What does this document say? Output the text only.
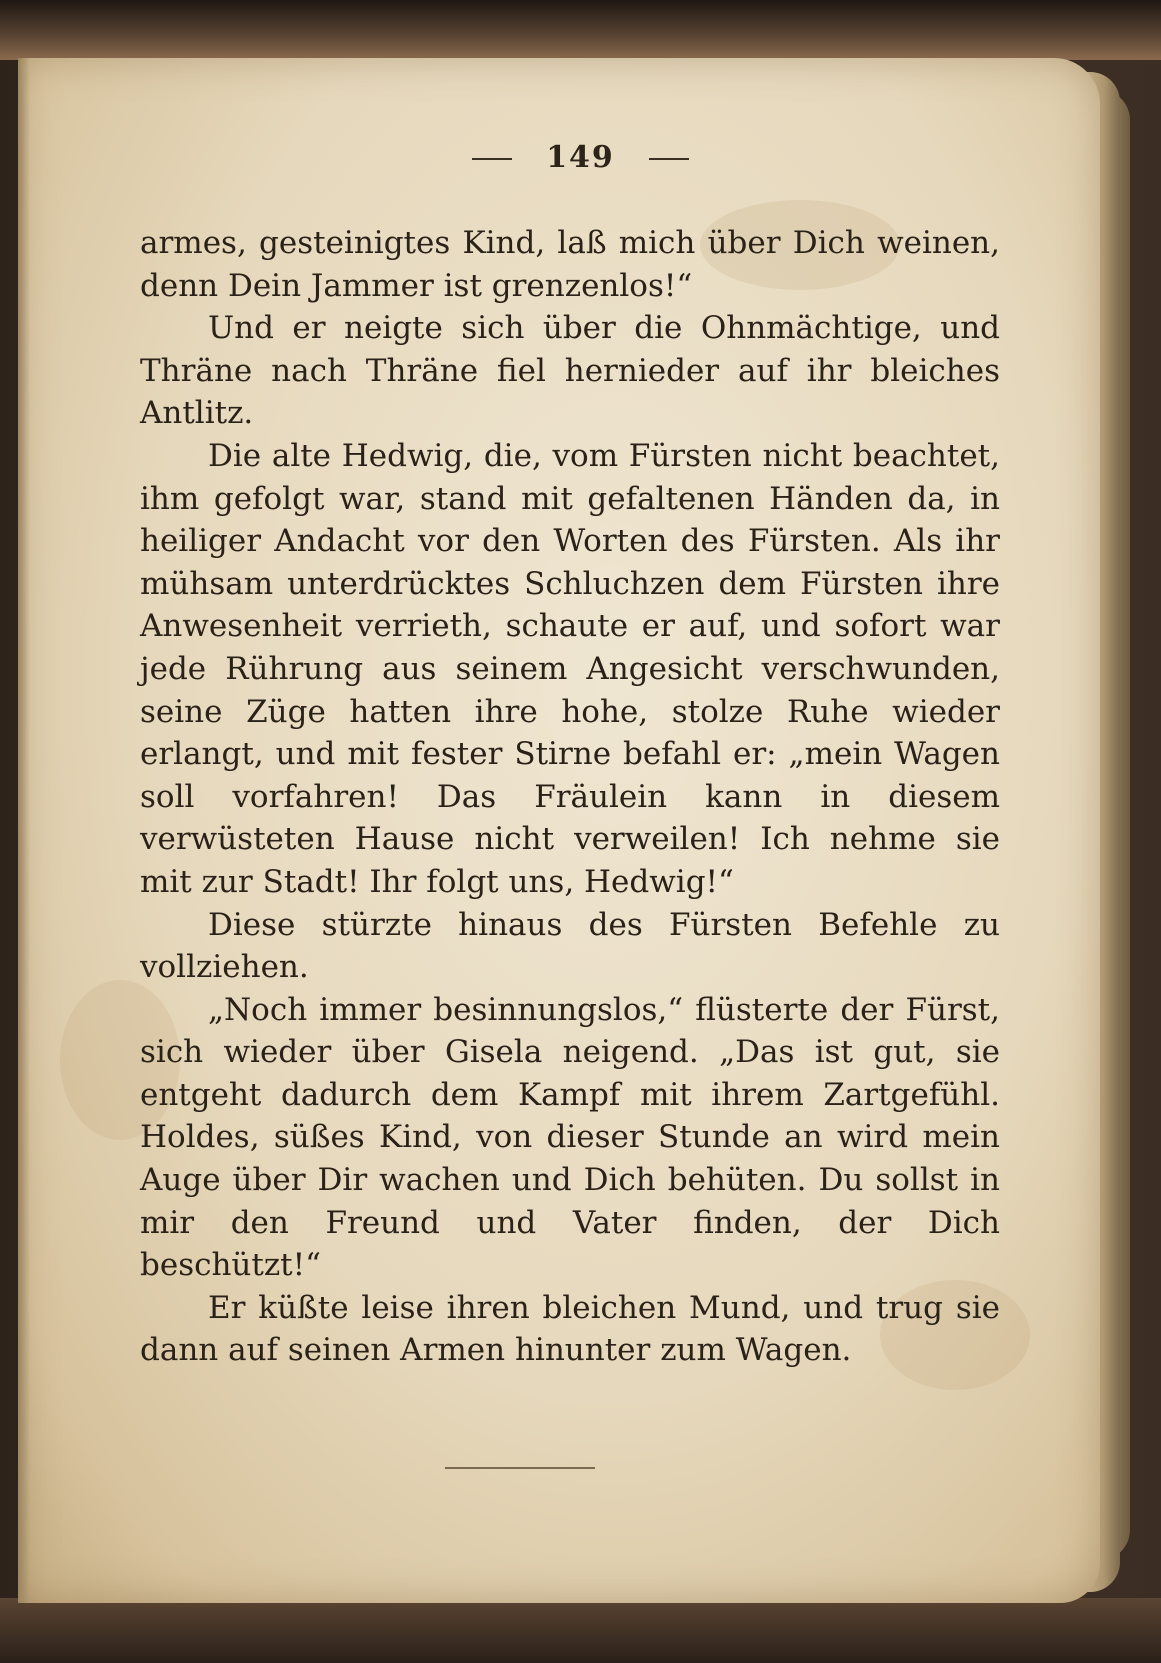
149

armes, gesteinigtes Kind, laß mich über Dich weinen, denn Dein Jammer ist grenzenlos!“

Und er neigte sich über die Ohnmächtige, und Thräne nach Thräne fiel hernieder auf ihr bleiches Antlitz.

Die alte Hedwig, die, vom Fürsten nicht beachtet, ihm gefolgt war, stand mit gefaltenen Händen da, in heiliger Andacht vor den Worten des Fürsten. Als ihr mühsam unterdrücktes Schluchzen dem Fürsten ihre Anwesenheit verrieth, schaute er auf, und sofort war jede Rührung aus seinem Angesicht verschwunden, seine Züge hatten ihre hohe, stolze Ruhe wieder erlangt, und mit fester Stirne befahl er: „mein Wagen soll vorfahren! Das Fräulein kann in diesem verwüsteten Hause nicht verweilen! Ich nehme sie mit zur Stadt! Ihr folgt uns, Hedwig!“

Diese stürzte hinaus des Fürsten Befehle zu vollziehen.

„Noch immer besinnungslos,“ flüsterte der Fürst, sich wieder über Gisela neigend. „Das ist gut, sie entgeht dadurch dem Kampf mit ihrem Zartgefühl. Holdes, süßes Kind, von dieser Stunde an wird mein Auge über Dir wachen und Dich behüten. Du sollst in mir den Freund und Vater finden, der Dich beschützt!“

Er küßte leise ihren bleichen Mund, und trug sie dann auf seinen Armen hinunter zum Wagen.
